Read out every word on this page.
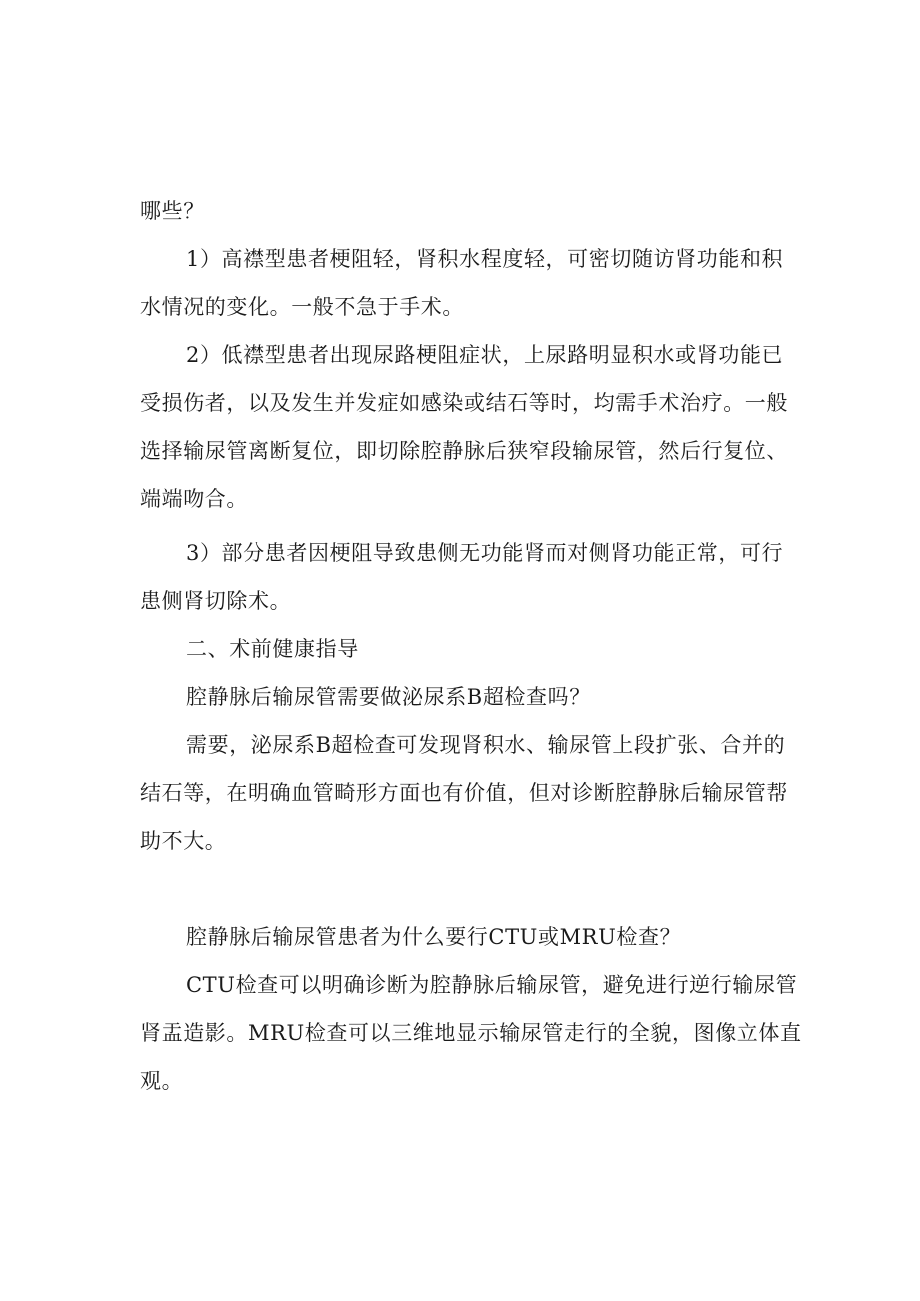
哪些？
1）高襟型患者梗阻轻，肾积水程度轻，可密切随访肾功能和积
水情况的变化。一般不急于手术。
2）低襟型患者出现尿路梗阻症状，上尿路明显积水或肾功能已
受损伤者，以及发生并发症如感染或结石等时，均需手术治疗。一般
选择输尿管离断复位，即切除腔静脉后狭窄段输尿管，然后行复位、
端端吻合。
3）部分患者因梗阻导致患侧无功能肾而对侧肾功能正常，可行
患侧肾切除术。
二、术前健康指导
腔静脉后输尿管需要做泌尿系B超检查吗？
需要，泌尿系B超检查可发现肾积水、输尿管上段扩张、合并的
结石等，在明确血管畸形方面也有价值，但对诊断腔静脉后输尿管帮
助不大。
腔静脉后输尿管患者为什么要行CTU或MRU检查？
CTU检查可以明确诊断为腔静脉后输尿管，避免进行逆行输尿管
肾盂造影。MRU检查可以三维地显示输尿管走行的全貌，图像立体直
观。
